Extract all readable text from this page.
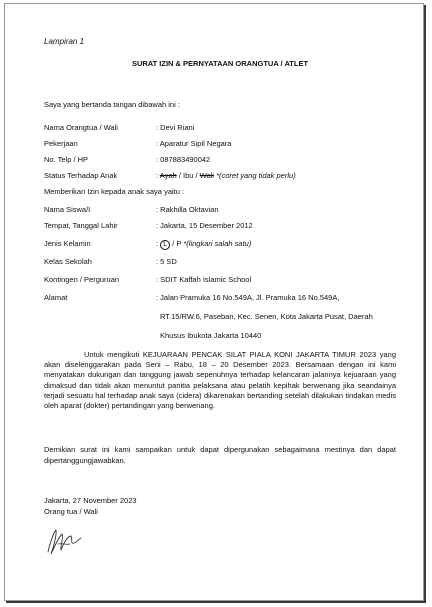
Lampiran 1
SURAT IZIN & PERNYATAAN ORANGTUA / ATLET
Saya yang bertanda tangan dibawah ini :
Nama Orangtua / Wali	: Devi Riani
Pekerjaan	: Aparatur Sipil Negara
No. Telp / HP	: 087883490042
Status Terhadap Anak	: Ayah / Ibu / Wali *(coret yang tidak perlu)
Memberikan Izin kepada anak saya yaitu :
Nama Siswa/I	: Rakhilla Oktavian
Tempat, Tanggal Lahir	: Jakarta, 15 Desember 2012
Jenis Kelamin	: L / P *(lingkari salah satu)
Kelas Sekolah	: 5 SD
Kontingen / Perguruan	: SDIT Kaffah Islamic School
Alamat	: Jalan Pramuka 16 No.549A, Jl. Pramuka 16 No.549A,
RT.15/RW.6, Paseban, Kec. Senen, Kota Jakarta Pusat, Daerah
Khusus Ibukota Jakarta 10440

Untuk mengikuti KEJUARAAN PENCAK SILAT PIALA KONI JAKARTA TIMUR 2023 yang akan diselenggarakan pada Seni – Rabu, 18 – 20 Desember 2023. Bersamaan dengan ini kami menyatakan dukungan dan tanggung jawab sepenuhnya terhadap kelancaran jalannya kejuaraan yang dimaksud dan tidak akan menuntut panitia pelaksana atau pelatih kepihak berwenang jika seandainya terjadi sesuatu hal terhadap anak saya (cidera) dikarenakan bertanding setelah dilakukan tindakan medis oleh aparat (dokter) pertandingan yang berwenang.

Demikian surat ini kami sampaikan untuk dapat dipergunakan sebagaimana mestinya dan dapat dipertanggungjawabkan.

Jakarta, 27 November 2023
Orang tua / Wali
